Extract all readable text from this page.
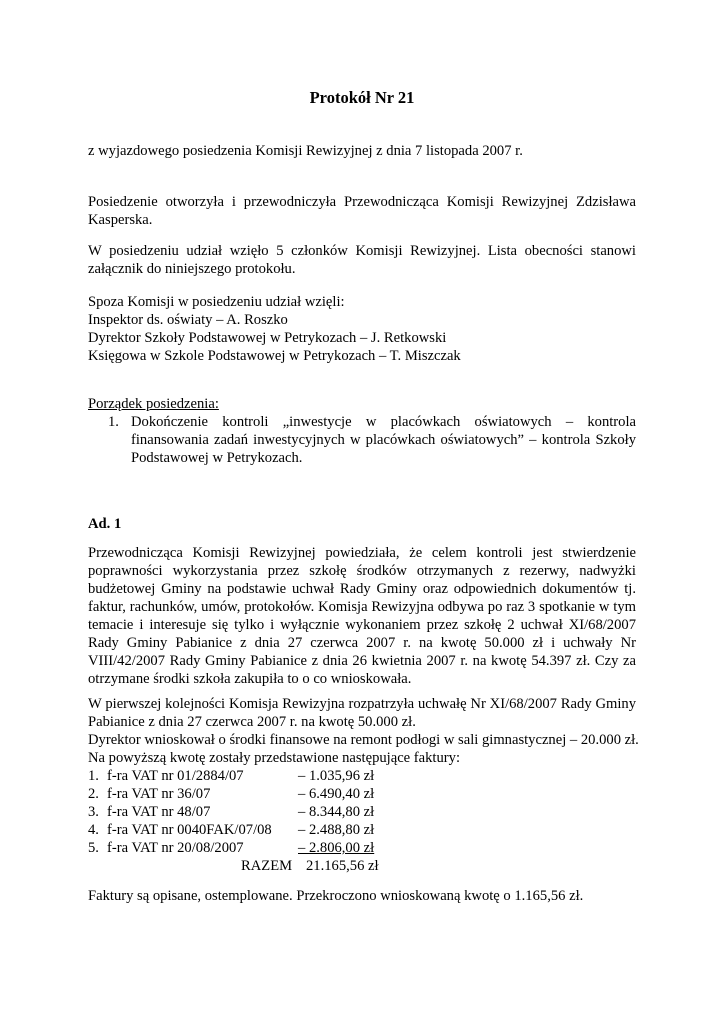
Protokół Nr 21
z wyjazdowego posiedzenia Komisji Rewizyjnej z dnia 7 listopada 2007 r.
Posiedzenie otworzyła i przewodniczyła Przewodnicząca Komisji Rewizyjnej Zdzisława Kasperska.
W posiedzeniu udział wzięło 5 członków Komisji Rewizyjnej. Lista obecności stanowi załącznik do niniejszego protokołu.
Spoza Komisji w posiedzeniu udział wzięli:
Inspektor ds. oświaty – A. Roszko
Dyrektor Szkoły Podstawowej w Petrykozach – J. Retkowski
Księgowa w Szkole Podstawowej w Petrykozach – T. Miszczak
Porządek posiedzenia:
1. Dokończenie kontroli „inwestycje w placówkach oświatowych – kontrola finansowania zadań inwestycyjnych w placówkach oświatowych” – kontrola Szkoły Podstawowej w Petrykozach.
Ad. 1
Przewodnicząca Komisji Rewizyjnej powiedziała, że celem kontroli jest stwierdzenie poprawności wykorzystania przez szkołę środków otrzymanych z rezerwy, nadwyżki budżetowej Gminy na podstawie uchwał Rady Gminy oraz odpowiednich dokumentów tj. faktur, rachunków, umów, protokołów. Komisja Rewizyjna odbywa po raz 3 spotkanie w tym temacie i interesuje się tylko i wyłącznie wykonaniem przez szkołę 2 uchwał XI/68/2007 Rady Gminy Pabianice z dnia 27 czerwca 2007 r. na kwotę 50.000 zł i uchwały Nr VIII/42/2007 Rady Gminy Pabianice z dnia 26 kwietnia 2007 r. na kwotę 54.397 zł. Czy za otrzymane środki szkoła zakupiła to o co wnioskowała.
W pierwszej kolejności Komisja Rewizyjna rozpatrzyła uchwałę Nr XI/68/2007 Rady Gminy Pabianice z dnia 27 czerwca 2007 r. na kwotę 50.000 zł.
Dyrektor wnioskował o środki finansowe na remont podłogi w sali gimnastycznej – 20.000 zł.
Na powyższą kwotę zostały przedstawione następujące faktury:
1. f-ra VAT nr 01/2884/07	– 1.035,96 zł
2. f-ra VAT nr 36/07	– 6.490,40 zł
3. f-ra VAT nr 48/07	– 8.344,80 zł
4. f-ra VAT nr 0040FAK/07/08 – 2.488,80 zł
5. f-ra VAT nr 20/08/2007	– 2.806,00 zł
RAZEM 21.165,56 zł
Faktury są opisane, ostemplowane. Przekroczono wnioskowaną kwotę o 1.165,56 zł.
